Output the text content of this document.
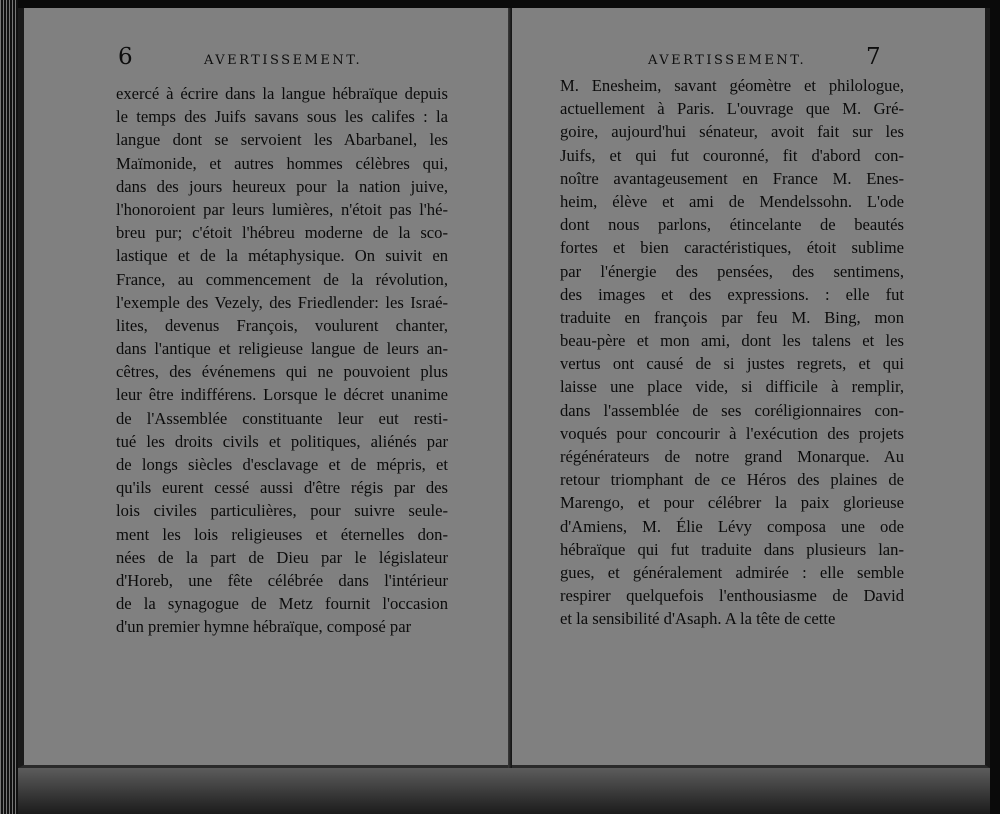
6	AVERTISSEMENT.
exercé à écrire dans la langue hébraïque depuis
le temps des Juifs savans sous les califes : la
langue dont se servoient les Abarbanel, les
Maïmonide, et autres hommes célèbres qui,
dans des jours heureux pour la nation juive,
l'honoroient par leurs lumières, n'étoit pas l'hé-
breu pur; c'étoit l'hébreu moderne de la sco-
lastique et de la métaphysique. On suivit en
France, au commencement de la révolution,
l'exemple des Vezely, des Friedlender: les Israé-
lites, devenus François, voulurent chanter,
dans l'antique et religieuse langue de leurs an-
cêtres, des événemens qui ne pouvoient plus
leur être indifférens. Lorsque le décret unanime
de l'Assemblée constituante leur eut resti-
tué les droits civils et politiques, aliénés par
de longs siècles d'esclavage et de mépris, et
qu'ils eurent cessé aussi d'être régis par des
lois civiles particulières, pour suivre seule-
ment les lois religieuses et éternelles don-
nées de la part de Dieu par le législateur
d'Horeb, une fête célébrée dans l'intérieur
de la synagogue de Metz fournit l'occasion
d'un premier hymne hébraïque, composé par
AVERTISSEMENT.	7
M. Enesheim, savant géomètre et philologue,
actuellement à Paris. L'ouvrage que M. Gré-
goire, aujourd'hui sénateur, avoit fait sur les
Juifs, et qui fut couronné, fit d'abord con-
noître avantageusement en France M. Enes-
heim, élève et ami de Mendelssohn. L'ode
dont nous parlons, étincelante de beautés
fortes et bien caractéristiques, étoit sublime
par l'énergie des pensées, des sentimens,
des images et des expressions. : elle fut
traduite en françois par feu M. Bing, mon
beau-père et mon ami, dont les talens et les
vertus ont causé de si justes regrets, et qui
laisse une place vide, si difficile à remplir,
dans l'assemblée de ses coréligionnaires con-
voqués pour concourir à l'exécution des projets
régénérateurs de notre grand Monarque. Au
retour triomphant de ce Héros des plaines de
Marengo, et pour célébrer la paix glorieuse
d'Amiens, M. Élie Lévy composa une ode
hébraïque qui fut traduite dans plusieurs lan-
gues, et généralement admirée : elle semble
respirer quelquefois l'enthousiasme de David
et la sensibilité d'Asaph. A la tête de cette
